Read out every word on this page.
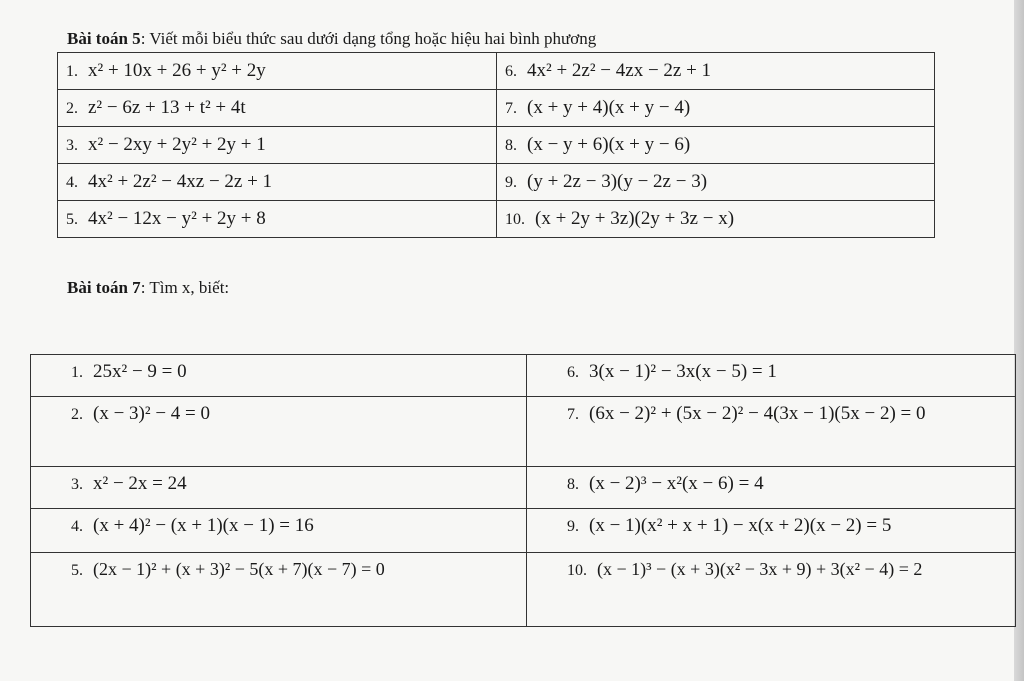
Bài toán 5: Viết mỗi biểu thức sau dưới dạng tổng hoặc hiệu hai bình phương
1. x² + 10x + 26 + y² + 2y	6. 4x² + 2z² − 4zx − 2z + 1
2. z² − 6z + 13 + t² + 4t	7. (x + y + 4)(x + y − 4)
3. x² − 2xy + 2y² + 2y + 1	8. (x − y + 6)(x + y − 6)
4. 4x² + 2z² − 4xz − 2z + 1	9. (y + 2z − 3)(y − 2z − 3)
5. 4x² − 12x − y² + 2y + 8	10. (x + 2y + 3z)(2y + 3z − x)
Bài toán 7: Tìm x, biết:
1. 25x² − 9 = 0	6. 3(x − 1)² − 3x(x − 5) = 1
2. (x − 3)² − 4 = 0	7. (6x − 2)² + (5x − 2)² − 4(3x − 1)(5x − 2) = 0
3. x² − 2x = 24	8. (x − 2)³ − x²(x − 6) = 4
4. (x + 4)² − (x + 1)(x − 1) = 16	9. (x − 1)(x² + x + 1) − x(x + 2)(x − 2) = 5
5. (2x − 1)² + (x + 3)² − 5(x + 7)(x − 7) = 0	10. (x − 1)³ − (x + 3)(x² − 3x + 9) + 3(x² − 4) = 2
